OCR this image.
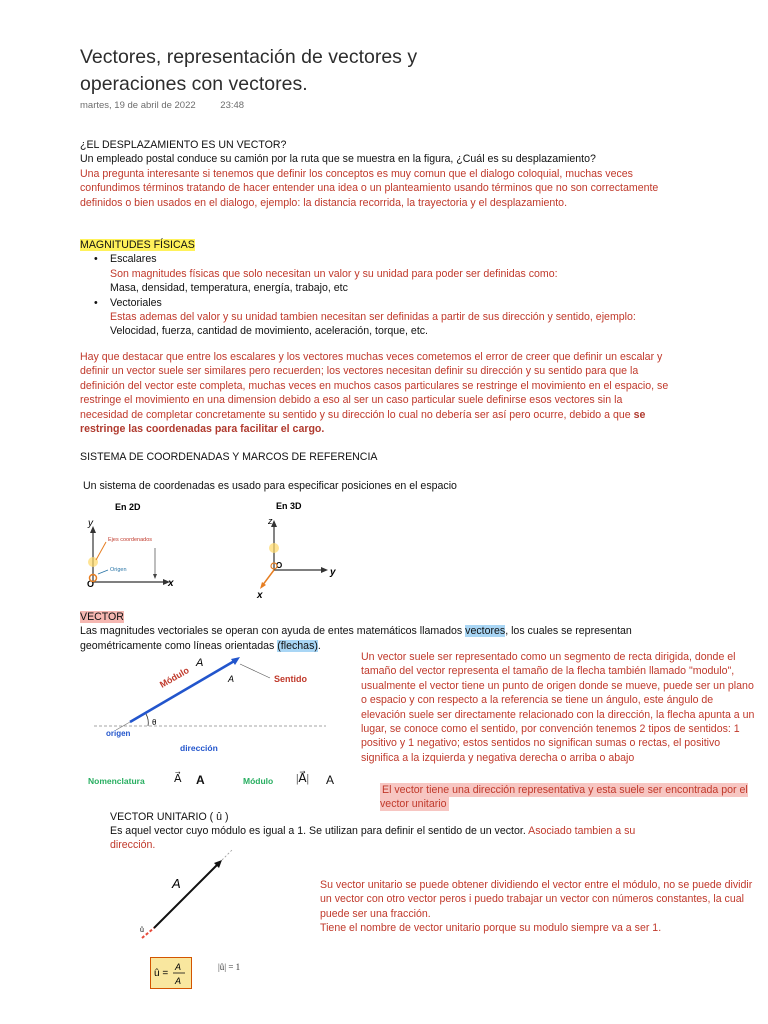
Vectores, representación de vectores y
operaciones con vectores.
martes, 19 de abril de 2022	23:48
¿EL DESPLAZAMIENTO ES UN VECTOR?
Un empleado postal conduce su camión por la ruta que se muestra en la figura, ¿Cuál es su desplazamiento?
Una pregunta interesante si tenemos que definir los conceptos es muy comun que el dialogo coloquial, muchas veces confundimos términos tratando de hacer entender una idea o un planteamiento usando términos que no son correctamente definidos o bien usados en el dialogo, ejemplo: la distancia recorrida, la trayectoria y el desplazamiento.
MAGNITUDES FÍSICAS
• Escalares
Son magnitudes físicas que solo necesitan un valor y su unidad para poder ser definidas como:
Masa, densidad, temperatura, energía, trabajo, etc
• Vectoriales
Estas ademas del valor y su unidad tambien necesitan ser definidas a partir de sus dirección y sentido, ejemplo:
Velocidad, fuerza, cantidad de movimiento, aceleración, torque, etc.
Hay que destacar que entre los escalares y los vectores muchas veces cometemos el error de creer que definir un escalar y definir un vector suele ser similares pero recuerden; los vectores necesitan definir su dirección y su sentido para que la definición del vector este completa, muchas veces en muchos casos particulares se restringe el movimiento en el espacio, se restringe el movimiento en una dimension debido a eso al ser un caso particular suele definirse esos vectores sin la necesidad de completar concretamente su sentido y su dirección lo cual no debería ser así pero ocurre, debido a que se restringe las coordenadas para facilitar el cargo.
SISTEMA DE COORDENADAS Y MARCOS DE REFERENCIA
Un sistema de coordenadas es usado para especificar posiciones en el espacio
En 2D
y
x
O
Ejes coordenados
Origen
En 3D
z
y
x
O
VECTOR
Las magnitudes vectoriales se operan con ayuda de entes matemáticos llamados vectores, los cuales se representan geométricamente como líneas orientadas (flechas).
Un vector suele ser representado como un segmento de recta dirigida, donde el tamaño del vector representa el tamaño de la flecha también llamado "modulo", usualmente el vector tiene un punto de origen donde se mueve, puede ser un plano o espacio y con respecto a la referencia se tiene un ángulo, este ángulo de elevación suele ser directamente relacionado con la dirección, la flecha apunta a un lugar, se conoce como el sentido, por convención tenemos 2 tipos de sentidos: 1 positivo y 1 negativo; estos sentidos no significan sumas o rectas, el positivo significa a la izquierda y negativa derecha o arriba o abajo
A
A
Módulo	Sentido
θ
origen
dirección
Nomenclatura	A⃗ A	Módulo |A⃗| A
El vector tiene una dirección representativa y esta suele ser encontrada por el vector unitario
VECTOR UNITARIO ( û )
Es aquel vector cuyo módulo es igual a 1. Se utilizan para definir el sentido de un vector. Asociado tambien a su dirección.
A
û
Su vector unitario se puede obtener dividiendo el vector entre el módulo, no se puede dividir un vector con otro vector peros i puedo trabajar un vector con números constantes, la cual puede ser una fracción.
Tiene el nombre de vector unitario porque su modulo siempre va a ser 1.
û =
A
A
|û| = 1
